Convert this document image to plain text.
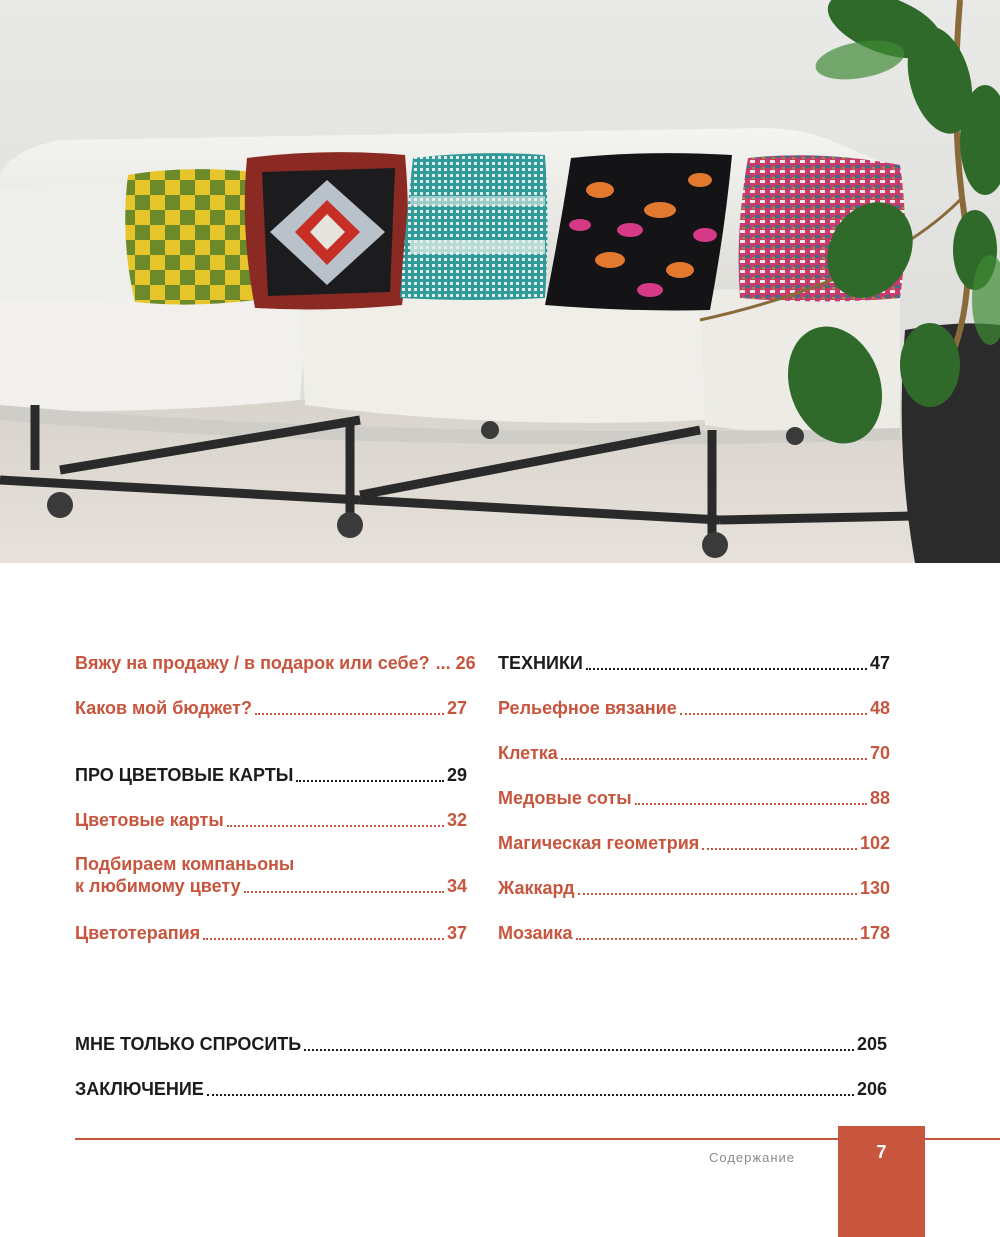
Вяжу на продажу / в подарок или себе? ... 26
Каков мой бюджет?	27
ПРО ЦВЕТОВЫЕ КАРТЫ	29
Цветовые карты	32
Подбираем компаньоны
к любимому цвету	34
Цветотерапия	37
ТЕХНИКИ	47
Рельефное вязание	48
Клетка	70
Медовые соты	88
Магическая геометрия	102
Жаккард	130
Мозаика	178
МНЕ ТОЛЬКО СПРОСИТЬ	205
ЗАКЛЮЧЕНИЕ	206
Содержание	7
